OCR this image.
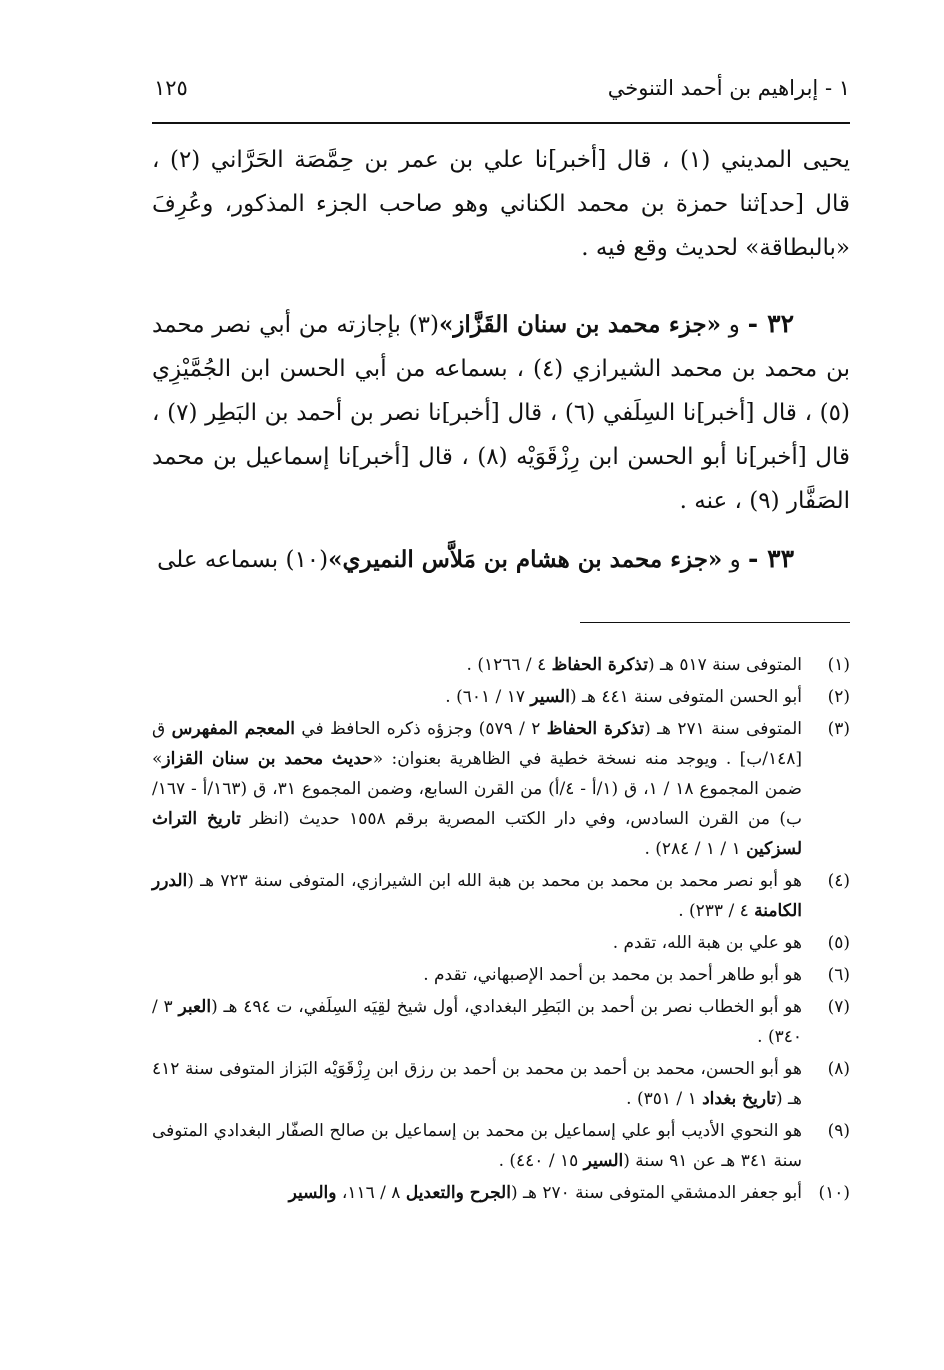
١ - إبراهيم بن أحمد التنوخي
١٢٥

يحيى المديني (١) ، قال [أخبر]نا علي بن عمر بن حِمَّصَة الحَرَّاني (٢) ، قال [حد]ثنا حمزة بن محمد الكناني وهو صاحب الجزء المذكور، وعُرِفَ «بالبطاقة» لحديث وقع فيه .

٣٢ - و «جزء محمد بن سنان القَزَّاز»(٣) بإجازته من أبي نصر محمد بن محمد بن محمد الشيرازي (٤) ، بسماعه من أبي الحسن ابن الجُمَّيْزِي (٥) ، قال [أخبر]نا السِلَفي (٦) ، قال [أخبر]نا نصر بن أحمد بن البَطِر (٧) ، قال [أخبر]نا أبو الحسن ابن رِزْقَوَيْه (٨) ، قال [أخبر]نا إسماعيل بن محمد الصَفَّار (٩) ، عنه .

٣٣ - و «جزء محمد بن هشام بن مَلاَّس النميري»(١٠) بسماعه على

(١)
المتوفى سنة ٥١٧ هـ (تذكرة الحفاظ ٤ / ١٢٦٦) .

(٢)
أبو الحسن المتوفى سنة ٤٤١ هـ (السير ١٧ / ٦٠١) .

(٣)
المتوفى سنة ٢٧١ هـ (تذكرة الحفاظ ٢ / ٥٧٩) وجزؤه ذكره الحافظ في المعجم المفهرس ق [١٤٨/ب] . ويوجد منه نسخة خطية في الظاهرية بعنوان: «حديث محمد بن سنان القزاز» ضمن المجموع ١٨ / ١، ق (١/أ - ٤/أ) من القرن السابع، وضمن المجموع ٣١، ق (١٦٣/أ - ١٦٧/ب) من القرن السادس، وفي دار الكتب المصرية برقم ١٥٥٨ حديث (انظر تاريخ التراث لسزكين ١ / ١ / ٢٨٤) .

(٤)
هو أبو نصر محمد بن محمد بن محمد بن هبة الله ابن الشيرازي، المتوفى سنة ٧٢٣ هـ (الدرر الكامنة ٤ / ٢٣٣) .

(٥)
هو علي بن هبة الله، تقدم .

(٦)
هو أبو طاهر أحمد بن محمد بن أحمد الإصبهاني، تقدم .

(٧)
هو أبو الخطاب نصر بن أحمد بن البَطِر البغدادي، أول شيخ لقِيَه السِلَفي، ت ٤٩٤ هـ (العبر ٣ / ٣٤٠) .

(٨)
هو أبو الحسن، محمد بن أحمد بن محمد بن أحمد بن رزق ابن رِزْقَوَيْه البَزاز المتوفى سنة ٤١٢ هـ (تاريخ بغداد ١ / ٣٥١) .

(٩)
هو النحوي الأديب أبو علي إسماعيل بن محمد بن إسماعيل بن صالح الصفّار البغدادي المتوفى سنة ٣٤١ هـ عن ٩١ سنة (السير ١٥ / ٤٤٠) .

(١٠)
أبو جعفر الدمشقي المتوفى سنة ٢٧٠ هـ (الجرح والتعديل ٨ / ١١٦، والسير
